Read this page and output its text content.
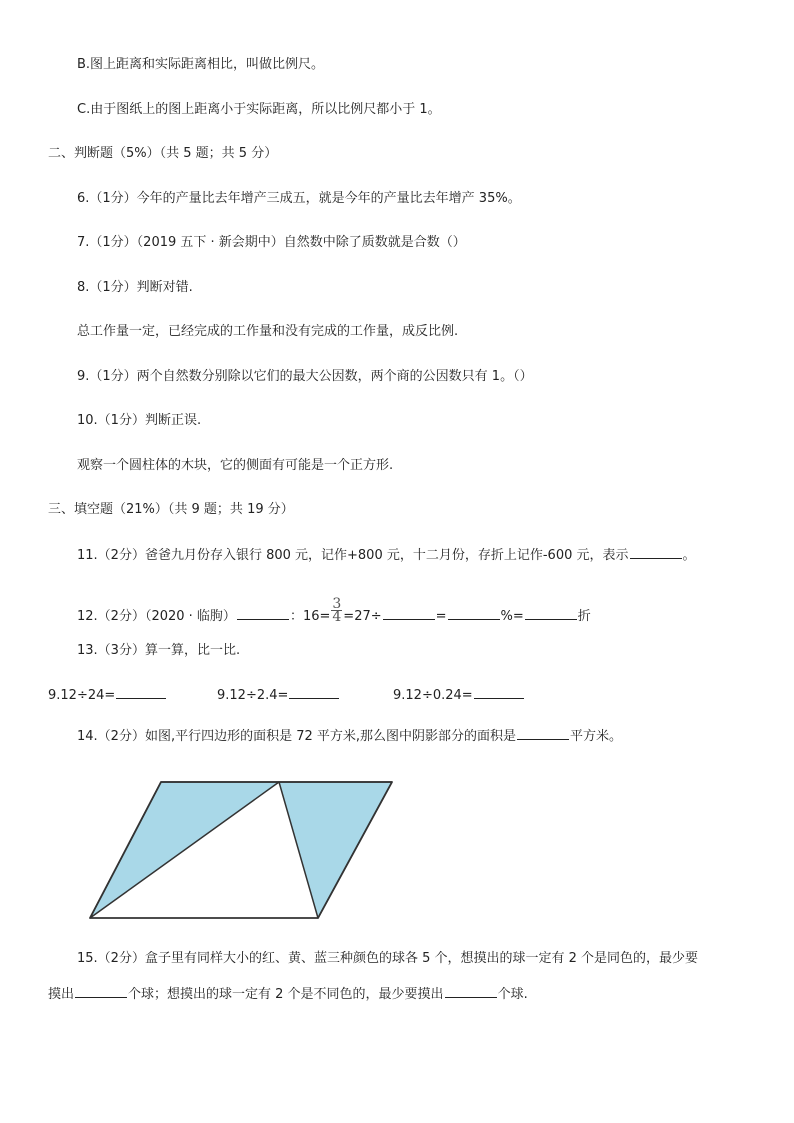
B.图上距离和实际距离相比，叫做比例尺。
C.由于图纸上的图上距离小于实际距离，所以比例尺都小于 1。
二、判断题（5%）（共 5 题；共 5 分）
6.（1分）今年的产量比去年增产三成五，就是今年的产量比去年增产 35%。
7.（1分）（2019 五下 · 新会期中）自然数中除了质数就是合数（）
8.（1分）判断对错.
总工作量一定，已经完成的工作量和没有完成的工作量，成反比例.
9.（1分）两个自然数分别除以它们的最大公因数，两个商的公因数只有 1。（）
10.（1分）判断正误.
观察一个圆柱体的木块，它的侧面有可能是一个正方形.
三、填空题（21%）（共 9 题；共 19 分）
11.（2分）爸爸九月份存入银行 800 元，记作+800 元，十二月份，存折上记作-600 元，表示	。
12.（2分）（2020 · 临朐）	：$16= \frac{3}{4} =27\div$	=	%=	折
13.（3分）算一算，比一比.
9.12÷24=	9.12÷2.4=	9.12÷0.24=
14.（2分）如图,平行四边形的面积是 72 平方米,那么图中阴影部分的面积是	平方米。
15.（2分）盒子里有同样大小的红、黄、蓝三种颜色的球各 5 个，想摸出的球一定有 2 个是同色的，最少要
摸出	个球；想摸出的球一定有 2 个是不同色的，最少要摸出	个球.
